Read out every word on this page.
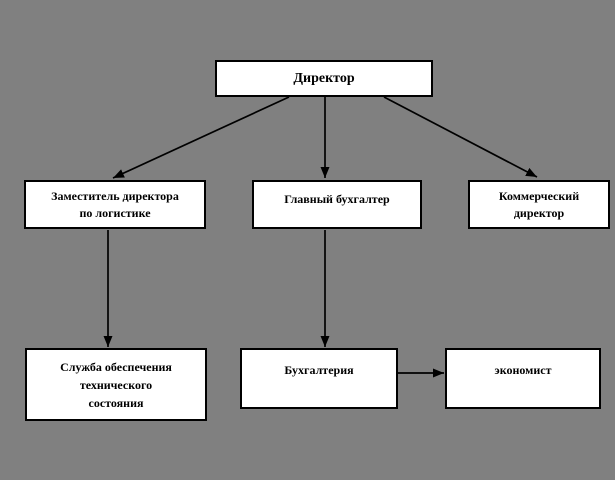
Директор
Заместитель директора
по логистике
Главный бухгалтер	Коммерческий
директор
Служба обеспечения
технического
состояния
Бухгалтерия	экономист
